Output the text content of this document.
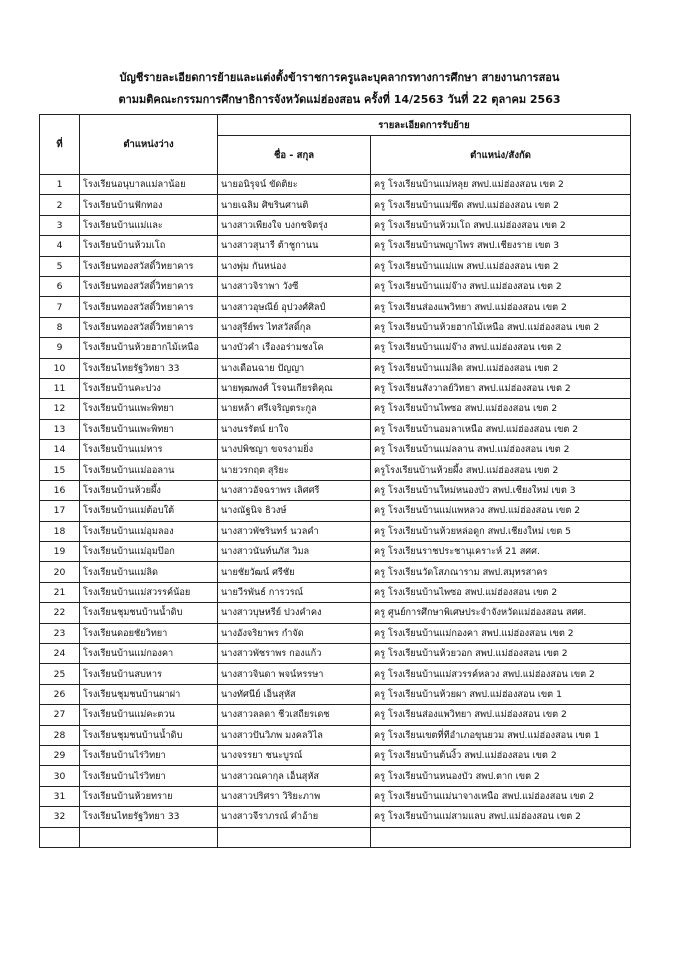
บัญชีรายละเอียดการย้ายและแต่งตั้งข้าราชการครูและบุคลากรทางการศึกษา สายงานการสอน
ตามมติคณะกรรมการศึกษาธิการจังหวัดแม่ฮ่องสอน ครั้งที่ 14/2563 วันที่ 22 ตุลาคม 2563
ที่	ตำแหน่งว่าง	รายละเอียดการรับย้าย	
		ชื่อ - สกุล	ตำแหน่ง/สังกัด
1	โรงเรียนอนุบาลแม่ลาน้อย	นายอนิรุจน์ ขัดติยะ	ครู โรงเรียนบ้านแม่หลุย สพป.แม่ฮ่องสอน เขต 2
2	โรงเรียนบ้านฟักทอง	นายเฉลิม ศิขรินศานติ	ครู โรงเรียนบ้านแม่ซึด สพป.แม่ฮ่องสอน เขต 2
3	โรงเรียนบ้านแม่และ	นางสาวเพียงใจ บงกชจิตรุ่ง	ครู โรงเรียนบ้านห้วมเโถ สพป.แม่ฮ่องสอน เขต 2
4	โรงเรียนบ้านห้วมเโถ	นางสาวสุนารี ต้าชูกานน	ครู โรงเรียนบ้านพญาไพร สพป.เชียงราย เขต 3
5	โรงเรียนทองสวัสดิ์วิทยาคาร	นางพุ่ม กันหน่อง	ครู โรงเรียนบ้านแม่แพ สพป.แม่ฮ่องสอน เขต 2
6	โรงเรียนทองสวัสดิ์วิทยาคาร	นางสาวจิราพา วังซี	ครู โรงเรียนบ้านแม่จ๊าง สพป.แม่ฮ่องสอน เขต 2
7	โรงเรียนทองสวัสดิ์วิทยาคาร	นางสาวอุษณีย์ อุปวงศ์ศิลป์	ครู โรงเรียนส่องแพวิทยา สพป.แม่ฮ่องสอน เขต 2
8	โรงเรียนทองสวัสดิ์วิทยาคาร	นางสุรีย์พร ไทสวัสดิ์กุล	ครู โรงเรียนบ้านห้วยฮากไม้เหนือ สพป.แม่ฮ่องสอน เขต 2
9	โรงเรียนบ้านห้วยฮากไม้เหนือ	นางบัวคำ เรืองอร่ามชงโค	ครู โรงเรียนบ้านแม่จ๊าง สพป.แม่ฮ่องสอน เขต 2
10	โรงเรียนไทยรัฐวิทยา 33	นางเดือนฉาย ปัญญา	ครู โรงเรียนบ้านแม่ลิด สพป.แม่ฮ่องสอน เขต 2
11	โรงเรียนบ้านคะปวง	นายพุฒพงศ์ โรจนเกียรติคุณ	ครู โรงเรียนสังวาลย์วิทยา สพป.แม่ฮ่องสอน เขต 2
12	โรงเรียนบ้านแพะพิทยา	นายหล้า ศรีเจริญตระกูล	ครู โรงเรียนบ้านไพซอ สพป.แม่ฮ่องสอน เขต 2
13	โรงเรียนบ้านแพะพิทยา	นางนรรัตน์ ยาใจ	ครู โรงเรียนบ้านอมลาเหนือ สพป.แม่ฮ่องสอน เขต 2
14	โรงเรียนบ้านแม่หาร	นางปพิชญา ขจรงามยิ่ง	ครู โรงเรียนบ้านแม่ลลาน สพป.แม่ฮ่องสอน เขต 2
15	โรงเรียนบ้านแม่ออลาน	นายวรกฤต สุริยะ	ครูโรงเรียนบ้านห้วยผึ้ง สพป.แม่ฮ่องสอน เขต 2
16	โรงเรียนบ้านห้วยผึ้ง	นางสาวอัจฉราพร เลิศศรี	ครู โรงเรียนบ้านใหม่หนองบัว สพป.เชียงใหม่ เขต 3
17	โรงเรียนบ้านแม่ต้อบใต้	นางณัฐนิจ ธิวงษ์	ครู โรงเรียนบ้านแม่แพหลวง สพป.แม่ฮ่องสอน เขต 2
18	โรงเรียนบ้านแม่อุมลอง	นางสาวพัชรินทร์ นวลคำ	ครู โรงเรียนบ้านห้วยหล่อดูก สพป.เชียงใหม่ เขต 5
19	โรงเรียนบ้านแม่อุมป๊อก	นางสาวนันท์นภัส วิมล	ครู โรงเรียนราชประชานุเคราะห์ 21 สศศ.
20	โรงเรียนบ้านแม่ลิด	นายชัยวัฒน์ ศรีชัย	ครู โรงเรียนวัดโสภณาราม สพป.สมุทรสาคร
21	โรงเรียนบ้านแม่สวรรค์น้อย	นายวีรพันธ์ การวรณ์	ครู โรงเรียนบ้านไพซอ สพป.แม่ฮ่องสอน เขต 2
22	โรงเรียนชุมชนบ้านน้ำดิบ	นางสาวบุษหรีย์ ปวงคำคง	ครู ศูนย์การศึกษาพิเศษประจำจังหวัดแม่ฮ่องสอน สศศ.
23	โรงเรียนดอยชัยวิทยา	นางอังจริยาพร กำจัด	ครู โรงเรียนบ้านแม่กองคา สพป.แม่ฮ่องสอน เขต 2
24	โรงเรียนบ้านแม่กองคา	นางสาวพัชราพร กองแก้ว	ครู โรงเรียนบ้านห้วยวอก สพป.แม่ฮ่องสอน เขต 2
25	โรงเรียนบ้านสบหาร	นางสาวจินดา พจน์หรรษา	ครู โรงเรียนบ้านแม่สวรรค์หลวง สพป.แม่ฮ่องสอน เขต 2
26	โรงเรียนชุมชนบ้านผาผ่า	นางทัศนีย์ เอ็นสุหัส	ครู โรงเรียนบ้านห้วยผา สพป.แม่ฮ่องสอน เขต 1
27	โรงเรียนบ้านแม่คะตวน	นางสาวลลดา ชีวเสถียรเดช	ครู โรงเรียนส่องแพวิทยา สพป.แม่ฮ่องสอน เขต 2
28	โรงเรียนชุมชนบ้านน้ำดิบ	นางสาวปันวิภพ มงคลวิไล	ครู โรงเรียนเขตที่ทีอำเภอขุนยวม สพป.แม่ฮ่องสอน เขต 1
29	โรงเรียนบ้านไร่วิทยา	นางจรรยา ชนะบูรณ์	ครู โรงเรียนบ้านต้นงิ้ว สพป.แม่ฮ่องสอน เขต 2
30	โรงเรียนบ้านไร่วิทยา	นางสาวณคากุล เอ็นสุหัส	ครู โรงเรียนบ้านหนองบัว สพป.ตาก เขต 2
31	โรงเรียนบ้านห้วยทราย	นางสาวปริศรา วิริยะภาพ	ครู โรงเรียนบ้านแม่นาจางเหนือ สพป.แม่ฮ่องสอน เขต 2
32	โรงเรียนไทยรัฐวิทยา 33	นางสาวจีราภรณ์ คำอ้าย	ครู โรงเรียนบ้านแม่สามแลบ สพป.แม่ฮ่องสอน เขต 2
